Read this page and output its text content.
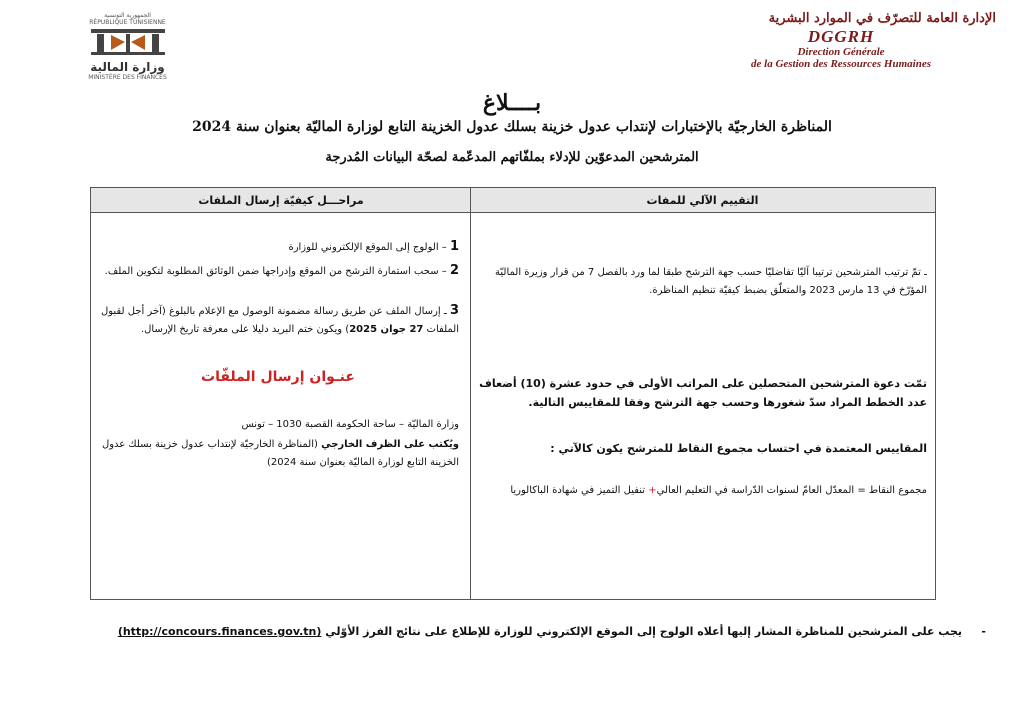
الإدارة العامة للتصرّف في الموارد البشرية
DGGRH
Direction Générale
de la Gestion des Ressources Humaines
الجمهورية التونسية
RÉPUBLIQUE TUNISIENNE
وزارة المالية
MINISTÈRE DES FINANCES
بــــلاغ
المناظرة الخارجيّة بالإختبارات لإنتداب عدول خزينة بسلك عدول الخزينة التابع لوزارة الماليّة بعنوان سنة 2024
المترشحين المدعوّين للإدلاء بملفّاتهم المدعّمة لصحّة البيانات المُدرجة
التقييم الآلي للمفات
مراحـــل كيفيّة إرسال الملفات
ـ تمّ ترتيب المترشحين ترتيبا آليّا تفاضليّا حسب جهة الترشح طبقا لما ورد بالفصل 7 من قرار وزيرة الماليّة المؤرّخ في 13 مارس 2023 والمتعلّق بضبط كيفيّة تنظيم المناظرة.
تمّت دعوة المترشحين المتحصلين على المراتب الأولى في حدود عشرة (10) أضعاف عدد الخطط المراد سدّ شغورها وحسب جهة الترشح وفقا للمقاييس التالية.
المقاييس المعتمدة في احتساب مجموع النقاط للمترشح يكون كالآتي :
مجموع النقاط = المعدّل العامّ لسنوات الدّراسة في التعليم العالي+ تنفيل التميز في شهادة الباكالوريا
1 – الولوج إلى الموقع الإلكتروني للوزارة
2 – سحب استمارة الترشح من الموقع وإدراجها ضمن الوثائق المطلوبة لتكوين الملف.
3 ـ إرسال الملف عن طريق رسالة مضمونة الوصول مع الإعلام بالبلوغ (آخر أجل لقبول الملفات 27 جوان 2025) ويكون ختم البريد دليلا على معرفة تاريخ الإرسال.
عنـوان إرسال الملفّات
وزارة الماليّة – ساحة الحكومة القصبة 1030 – تونس
ويُكتب على الظرف الخارجي (المناظرة الخارجيّة لإنتداب عدول خزينة بسلك عدول الخزينة التابع لوزارة الماليّة بعنوان سنة 2024)
-
يجب على المترشحين للمناظرة المشار إليها أعلاه الولوج إلى الموقع الإلكتروني للوزارة للإطلاع على نتائج الفرز الأوّلي (http://concours.finances.gov.tn)
